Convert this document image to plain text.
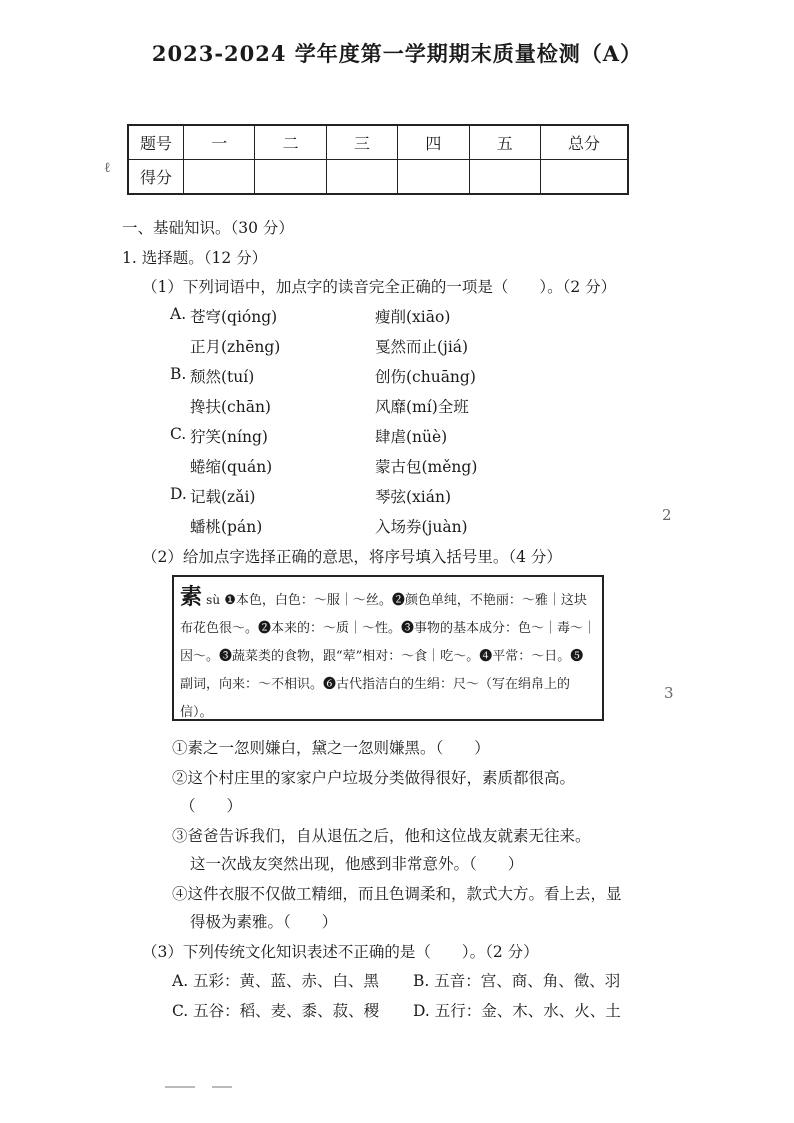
2023-2024 学年度第一学期期末质量检测（A）
题号	一	二	三	四	五	总分
得分						
ℓ
2
3
一、基础知识。（30 分）
1. 选择题。（12 分）
（1）下列词语中，加点字的读音完全正确的一项是（　　）。（2 分）
A. 苍穹(qióng)	瘦削(xiāo)
正月(zhēng)	戛然而止(jiá)
B. 颓然(tuí)	创伤(chuāng)
搀扶(chān)	风靡(mí)全班
C. 狞笑(níng)	肆虐(nüè)
蜷缩(quán)	蒙古包(měng)
D. 记载(zǎi)	琴弦(xián)
蟠桃(pán)	入场券(juàn)
（2）给加点字选择正确的意思，将序号填入括号里。（4 分）
素 sù ❶本色，白色：～服｜～丝。❷颜色单纯，不艳丽：～雅｜这块布花色很～。❷本来的：～质｜～性。❸事物的基本成分：色～｜毒～｜因～。❸蔬菜类的食物，跟“荤”相对：～食｜吃～。❹平常：～日。❺副词，向来：～不相识。❻古代指洁白的生绢：尺～（写在绢帛上的信）。
①素之一忽则嫌白，黛之一忽则嫌黑。（　　）
②这个村庄里的家家户户垃圾分类做得很好，素质都很高。
（　　）
③爸爸告诉我们，自从退伍之后，他和这位战友就素无往来。
这一次战友突然出现，他感到非常意外。（　　）
④这件衣服不仅做工精细，而且色调柔和，款式大方。看上去，显
得极为素雅。（　　）
（3）下列传统文化知识表述不正确的是（　　）。（2 分）
A. 五彩：黄、蓝、赤、白、黑 B. 五音：宫、商、角、徵、羽
C. 五谷：稻、麦、黍、菽、稷 D. 五行：金、木、水、火、土
